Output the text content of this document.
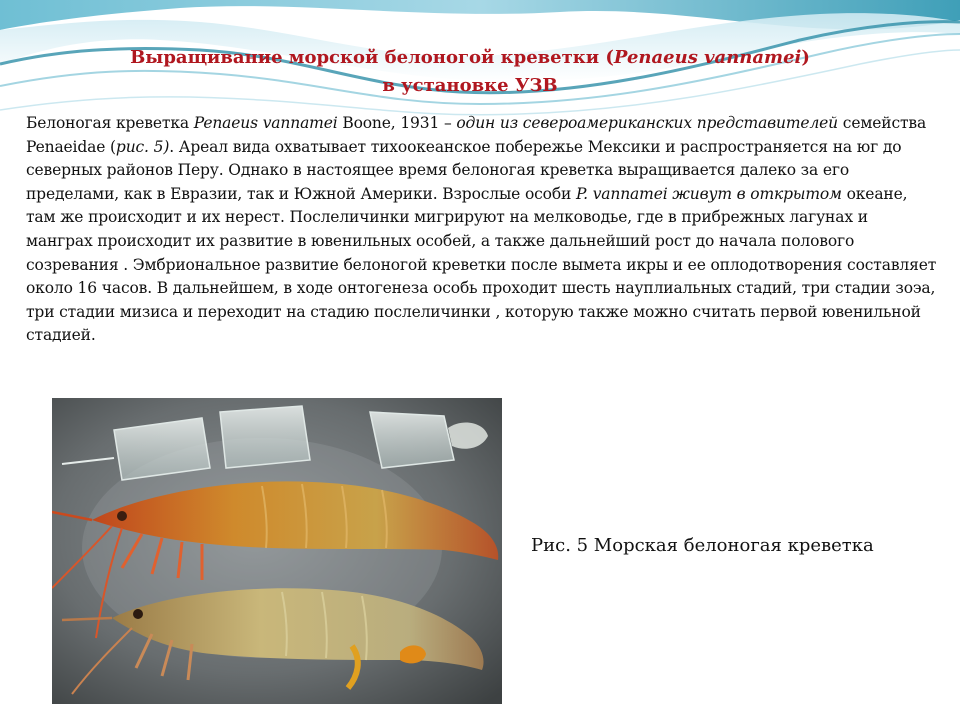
Выращивание морской белоногой креветки (Penaeus vannamei)
в установке УЗВ

Белоногая креветка Penaeus vannamei Boone, 1931 – один из североамериканских представителей семейства Penaeidae (рис. 5). Ареал вида охватывает тихоокеанское побережье Мексики и распространяется на юг до северных районов Перу. Однако в настоящее время белоногая креветка выращивается далеко за его пределами, как в Евразии, так и Южной Америки. Взрослые особи P. vannamei живут в открытом океане, там же происходит и их нерест. Послеличинки мигрируют на мелководье, где в прибрежных лагунах и манграх происходит их развитие в ювенильных особей, а также дальнейший рост до начала полового созревания . Эмбриональное развитие белоногой креветки после вымета икры и ее оплодотворения составляет около 16 часов. В дальнейшем, в ходе онтогенеза особь проходит шесть науплиальных стадий, три стадии зоэа, три стадии мизиса и переходит на стадию послеличинки , которую также можно считать первой ювенильной стадией.

Рис. 5 Морская белоногая креветка
